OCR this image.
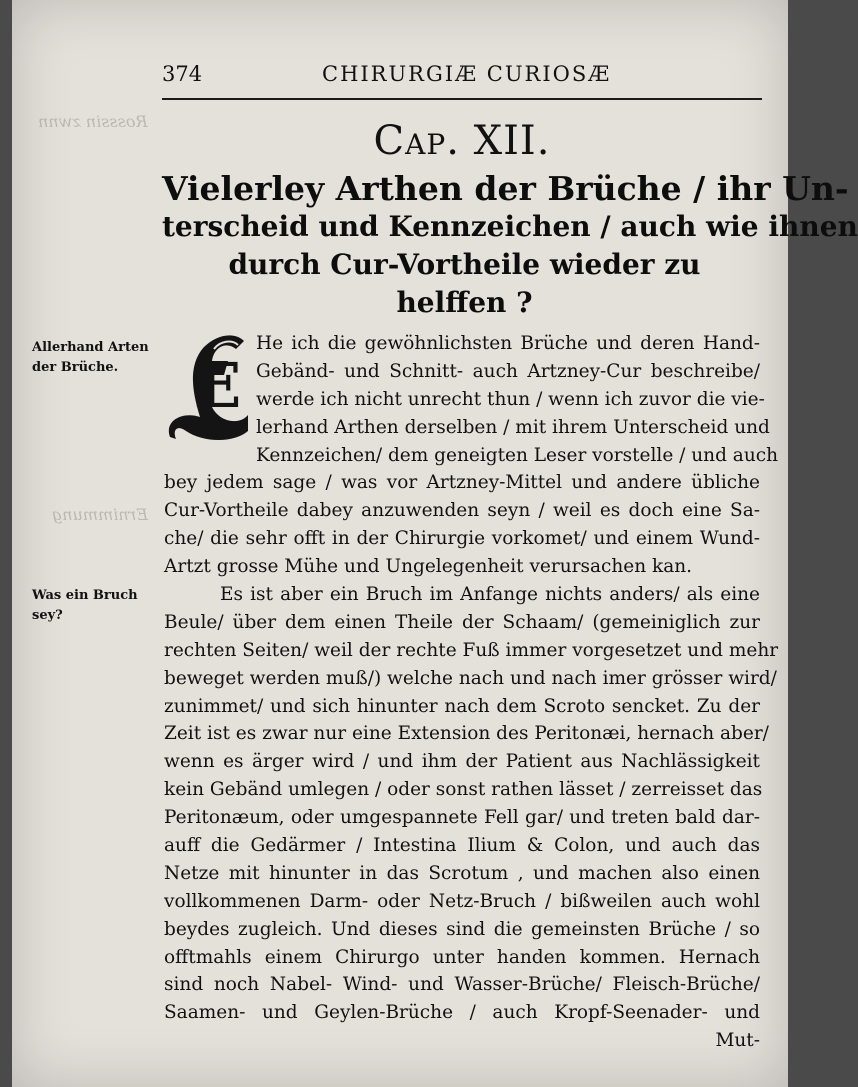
Rosssin zwnn
Ernimmung
374	CHIRURGIÆ CURIOSÆ
Cap. XII.
Vielerley Arthen der Brüche / ihr Un-
terscheid und Kennzeichen / auch wie ihnen
durch Cur-Vortheile wieder zu
helffen ?
Allerhand Arten der Brüche.
Was ein Bruch sey?
E
He ich die gewöhnlichsten Brüche und deren Hand-
Gebänd- und Schnitt- auch Artzney-Cur beschreibe/
werde ich nicht unrecht thun / wenn ich zuvor die vie-
lerhand Arthen derselben / mit ihrem Unterscheid und
Kennzeichen/ dem geneigten Leser vorstelle / und auch
bey jedem sage / was vor Artzney-Mittel und andere übliche
Cur-Vortheile dabey anzuwenden seyn / weil es doch eine Sa-
che/ die sehr offt in der Chirurgie vorkomet/ und einem Wund-
Artzt grosse Mühe und Ungelegenheit verursachen kan.
Es ist aber ein Bruch im Anfange nichts anders/ als eine
Beule/ über dem einen Theile der Schaam/ (gemeiniglich zur
rechten Seiten/ weil der rechte Fuß immer vorgesetzet und mehr
beweget werden muß/) welche nach und nach imer grösser wird/
zunimmet/ und sich hinunter nach dem Scroto sencket. Zu der
Zeit ist es zwar nur eine Extension des Peritonæi, hernach aber/
wenn es ärger wird / und ihm der Patient aus Nachlässigkeit
kein Gebänd umlegen / oder sonst rathen lässet / zerreisset das
Peritonæum, oder umgespannete Fell gar/ und treten bald dar-
auff die Gedärmer / Intestina Ilium & Colon, und auch das
Netze mit hinunter in das Scrotum , und machen also einen
vollkommenen Darm- oder Netz-Bruch / bißweilen auch wohl
beydes zugleich. Und dieses sind die gemeinsten Brüche / so
offtmahls einem Chirurgo unter handen kommen. Hernach
sind noch Nabel- Wind- und Wasser-Brüche/ Fleisch-Brüche/
Saamen- und Geylen-Brüche / auch Kropf-Seenader- und
Mut-
